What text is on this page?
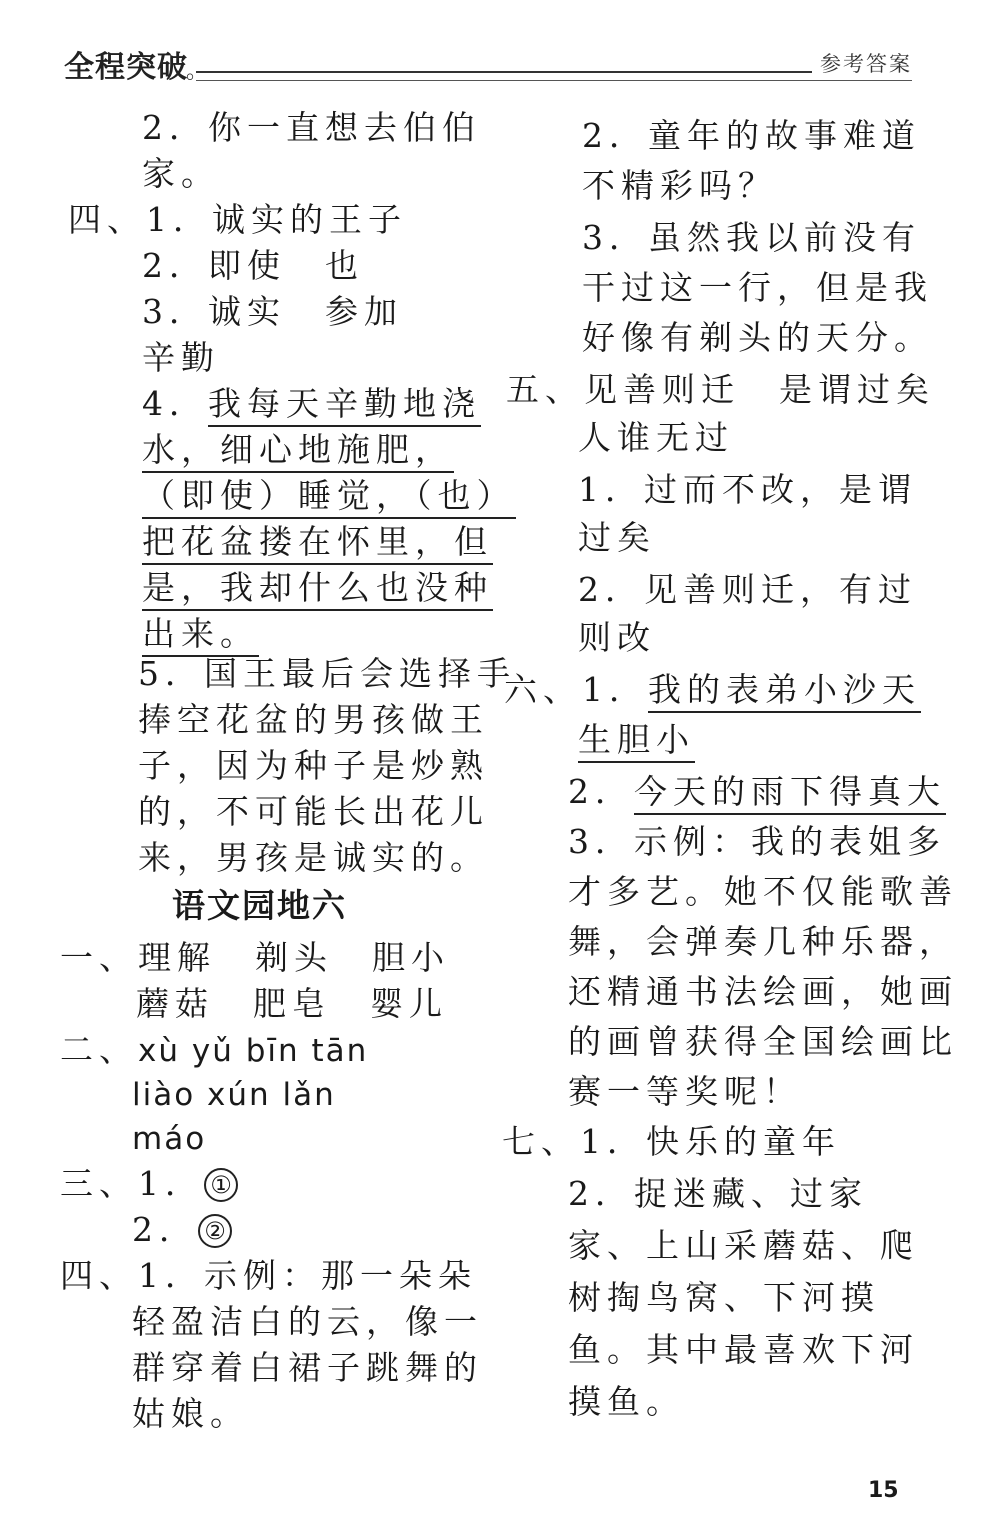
全程突破
。	参考答案
2．你一直想去伯伯
家。
四、1．诚实的王子
2．即使　也
3．诚实　参加
辛勤
4．我每天辛勤地浇
水，细心地施肥，
（即使）睡觉，（也）
把花盆搂在怀里，但
是，我却什么也没种
出来。
5．国王最后会选择手
捧空花盆的男孩做王
子，因为种子是炒熟
的，不可能长出花儿
来，男孩是诚实的。
语文园地六
一、理解　剃头　胆小
蘑菇　肥皂　婴儿
二、xù yǔ bīn tān
liào xún lǎn
máo
三、1． ①
2． ②
四、1．示例：那一朵朵
轻盈洁白的云，像一
群穿着白裙子跳舞的
姑娘。
2．童年的故事难道
不精彩吗？
3．虽然我以前没有
干过这一行，但是我
好像有剃头的天分。
五、见善则迁　是谓过矣
人谁无过
1．过而不改，是谓
过矣
2．见善则迁，有过
则改
六、1．我的表弟小沙天
生胆小
2．今天的雨下得真大
3．示例：我的表姐多
才多艺。她不仅能歌善
舞，会弹奏几种乐器，
还精通书法绘画，她画
的画曾获得全国绘画比
赛一等奖呢！
七、1．快乐的童年
2．捉迷藏、过家
家、上山采蘑菇、爬
树掏鸟窝、下河摸
鱼。其中最喜欢下河
摸鱼。
15
